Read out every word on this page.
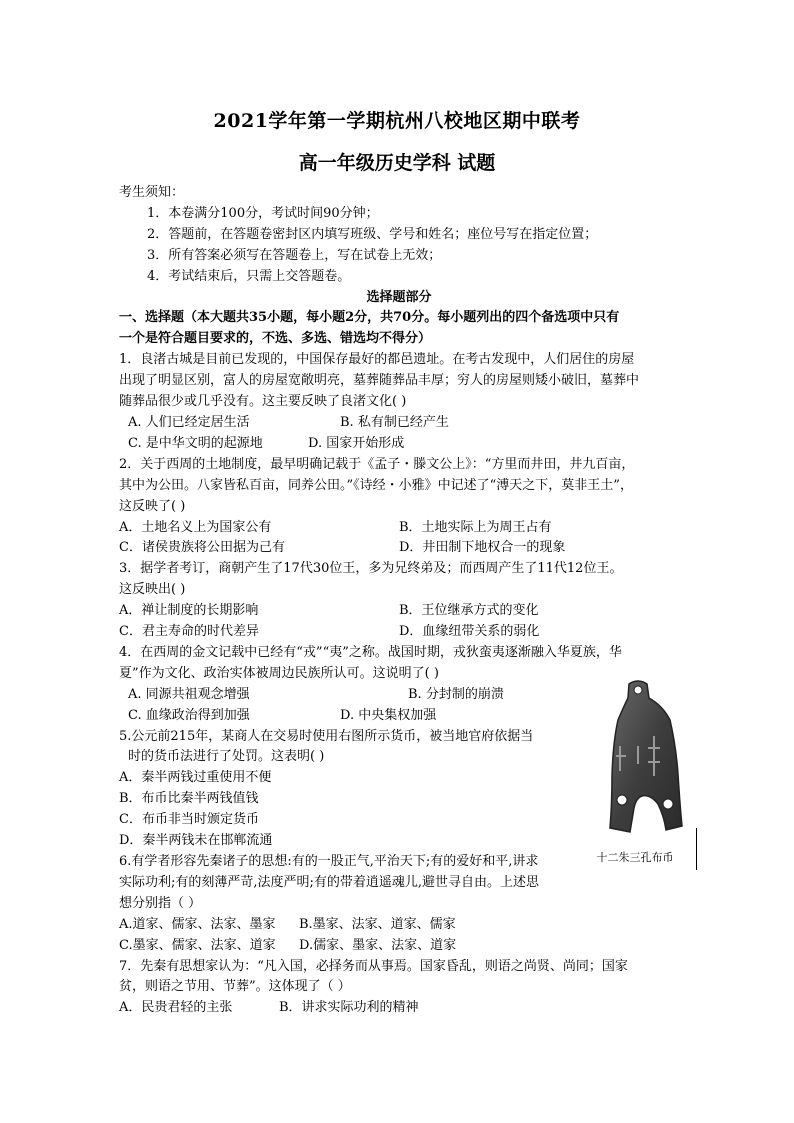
2021学年第一学期杭州八校地区期中联考
高一年级历史学科 试题
考生须知：
1．本卷满分100分，考试时间90分钟；
2．答题前，在答题卷密封区内填写班级、学号和姓名；座位号写在指定位置；
3．所有答案必须写在答题卷上，写在试卷上无效；
4．考试结束后，只需上交答题卷。
选择题部分
一、选择题（本大题共35小题，每小题2分，共70分。每小题列出的四个备选项中只有
一个是符合题目要求的，不选、多选、错选均不得分）
1．良渚古城是目前已发现的，中国保存最好的都邑遗址。在考古发现中，人们居住的房屋
出现了明显区别，富人的房屋宽敞明亮，墓葬随葬品丰厚；穷人的房屋则矮小破旧，墓葬中
随葬品很少或几乎没有。这主要反映了良渚文化( )
A. 人们已经定居生活	B. 私有制已经产生
C. 是中华文明的起源地	D. 国家开始形成
2．关于西周的土地制度，最早明确记载于《孟子・滕文公上》：“方里而井田，井九百亩，
其中为公田。八家皆私百亩，同养公田。”《诗经・小雅》中记述了“溥天之下，莫非王土”，
这反映了( )
A．土地名义上为国家公有	B．土地实际上为周王占有
C．诸侯贵族将公田据为己有	D．井田制下地权合一的现象
3．据学者考订，商朝产生了17代30位王，多为兄终弟及；而西周产生了11代12位王。
这反映出( )
A．禅让制度的长期影响	B．王位继承方式的变化
C．君主寿命的时代差异	D．血缘纽带关系的弱化
4．在西周的金文记载中已经有“戎”“夷”之称。战国时期，戎狄蛮夷逐渐融入华夏族，华
夏”作为文化、政治实体被周边民族所认可。这说明了( )
A. 同源共祖观念增强	B. 分封制的崩溃
C. 血缘政治得到加强	D. 中央集权加强
5.公元前215年，某商人在交易时使用右图所示货币，被当地官府依据当
时的货币法进行了处罚。这表明( )
A．秦半两钱过重使用不便
B．布币比秦半两钱值钱
C．布币非当时颁定货币
D．秦半两钱未在邯郸流通
6.有学者形容先秦诸子的思想:有的一股正气,平治天下;有的爱好和平,讲求
实际功利;有的刻薄严苛,法度严明;有的带着逍遥魂儿,避世寻自由。上述思
想分别指（ ）
A.道家、儒家、法家、墨家	B.墨家、法家、道家、儒家
C.墨家、儒家、法家、道家	D.儒家、墨家、法家、道家
7．先秦有思想家认为：“凡入国，必择务而从事焉。国家昏乱，则语之尚贤、尚同；国家
贫，则语之节用、节葬”。这体现了（ ）
A．民贵君轻的主张	B．讲求实际功利的精神
十二朱三孔布币
